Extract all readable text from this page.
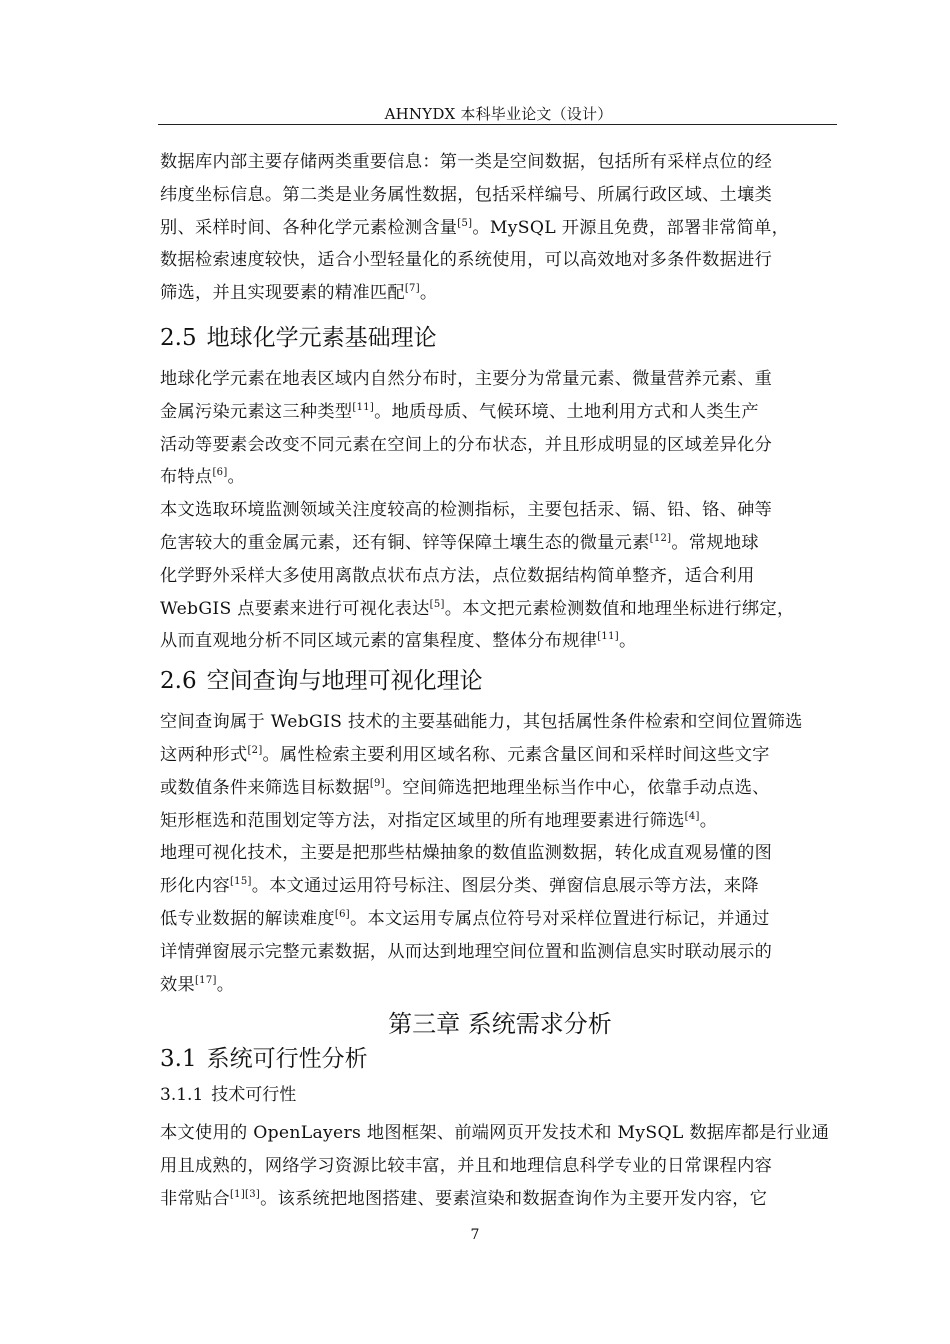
AHNYDX 本科毕业论文（设计）

数据库内部主要存储两类重要信息：第一类是空间数据，包括所有采样点位的经
纬度坐标信息。第二类是业务属性数据，包括采样编号、所属行政区域、土壤类
别、采样时间、各种化学元素检测含量[5]。MySQL 开源且免费，部署非常简单，
数据检索速度较快，适合小型轻量化的系统使用，可以高效地对多条件数据进行
筛选，并且实现要素的精准匹配[7]。

2.5 地球化学元素基础理论

地球化学元素在地表区域内自然分布时，主要分为常量元素、微量营养元素、重
金属污染元素这三种类型[11]。地质母质、气候环境、土地利用方式和人类生产
活动等要素会改变不同元素在空间上的分布状态，并且形成明显的区域差异化分
布特点[6]。

本文选取环境监测领域关注度较高的检测指标，主要包括汞、镉、铅、铬、砷等
危害较大的重金属元素，还有铜、锌等保障土壤生态的微量元素[12]。常规地球
化学野外采样大多使用离散点状布点方法，点位数据结构简单整齐，适合利用
WebGIS 点要素来进行可视化表达[5]。本文把元素检测数值和地理坐标进行绑定，
从而直观地分析不同区域元素的富集程度、整体分布规律[11]。

2.6 空间查询与地理可视化理论

空间查询属于 WebGIS 技术的主要基础能力，其包括属性条件检索和空间位置筛选
这两种形式[2]。属性检索主要利用区域名称、元素含量区间和采样时间这些文字
或数值条件来筛选目标数据[9]。空间筛选把地理坐标当作中心，依靠手动点选、
矩形框选和范围划定等方法，对指定区域里的所有地理要素进行筛选[4]。

地理可视化技术，主要是把那些枯燥抽象的数值监测数据，转化成直观易懂的图
形化内容[15]。本文通过运用符号标注、图层分类、弹窗信息展示等方法，来降
低专业数据的解读难度[6]。本文运用专属点位符号对采样位置进行标记，并通过
详情弹窗展示完整元素数据，从而达到地理空间位置和监测信息实时联动展示的
效果[17]。

第三章 系统需求分析
3.1 系统可行性分析
3.1.1 技术可行性

本文使用的 OpenLayers 地图框架、前端网页开发技术和 MySQL 数据库都是行业通
用且成熟的，网络学习资源比较丰富，并且和地理信息科学专业的日常课程内容
非常贴合[1][3]。该系统把地图搭建、要素渲染和数据查询作为主要开发内容，它

7
